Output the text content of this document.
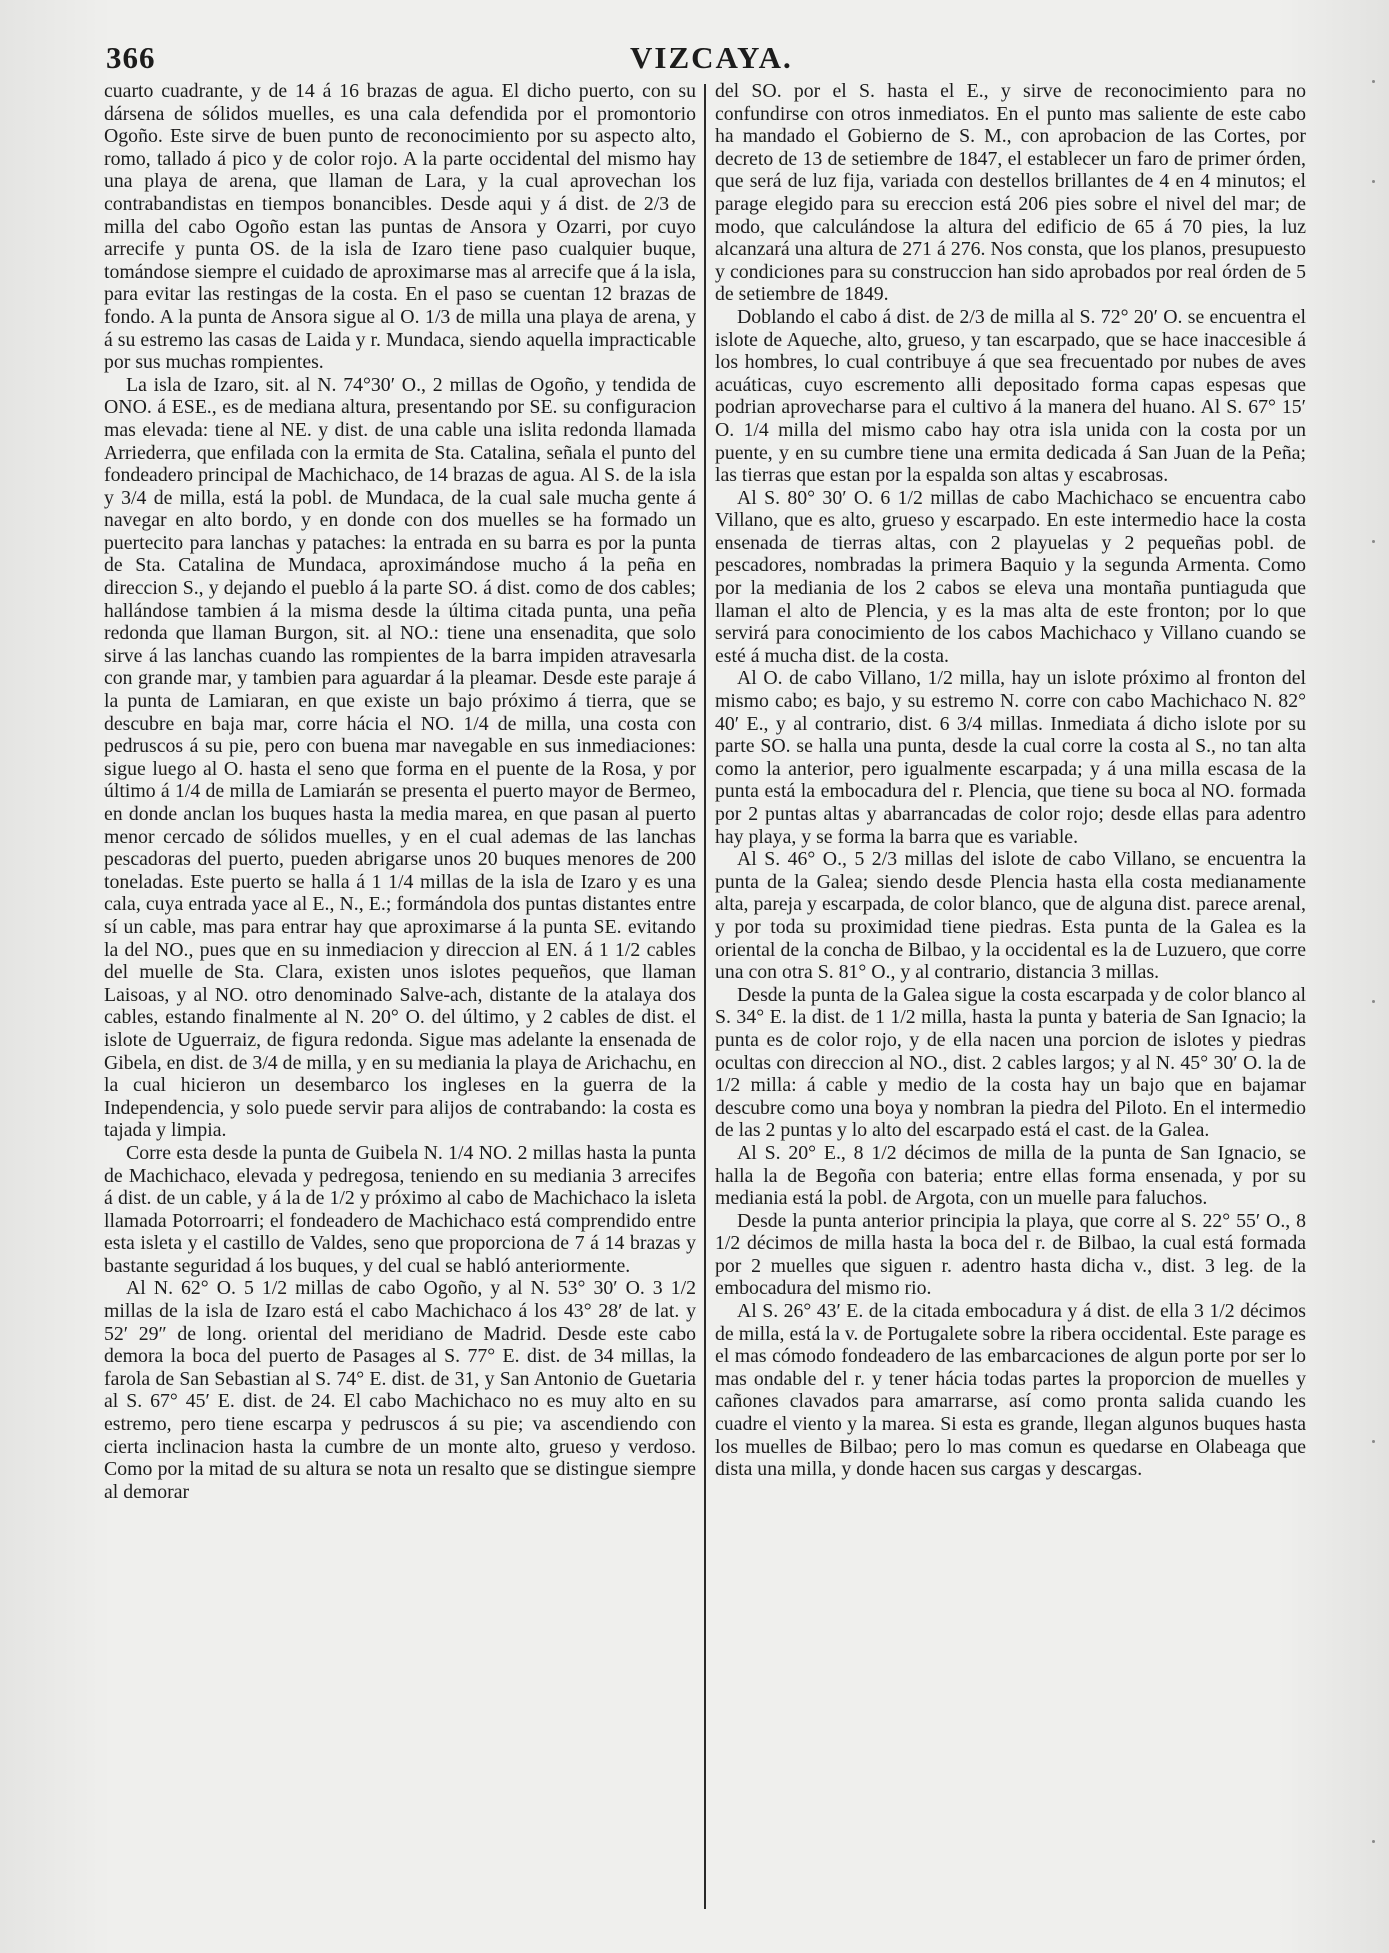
366	VIZCAYA.

cuarto cuadrante, y de 14 á 16 brazas de agua. El dicho puerto, con su dársena de sólidos muelles, es una cala defendida por el promontorio Ogoño. Este sirve de buen punto de reconocimiento por su aspecto alto, romo, tallado á pico y de color rojo. A la parte occidental del mismo hay una playa de arena, que llaman de Lara, y la cual aprovechan los contrabandistas en tiempos bonancibles. Desde aqui y á dist. de 2/3 de milla del cabo Ogoño estan las puntas de Ansora y Ozarri, por cuyo arrecife y punta OS. de la isla de Izaro tiene paso cualquier buque, tomándose siempre el cuidado de aproximarse mas al arrecife que á la isla, para evitar las restingas de la costa. En el paso se cuentan 12 brazas de fondo. A la punta de Ansora sigue al O. 1/3 de milla una playa de arena, y á su estremo las casas de Laida y r. Mundaca, siendo aquella impracticable por sus muchas rompientes.

La isla de Izaro, sit. al N. 74°30′ O., 2 millas de Ogoño, y tendida de ONO. á ESE., es de mediana altura, presentando por SE. su configuracion mas elevada: tiene al NE. y dist. de una cable una islita redonda llamada Arriederra, que enfilada con la ermita de Sta. Catalina, señala el punto del fondeadero principal de Machichaco, de 14 brazas de agua. Al S. de la isla y 3/4 de milla, está la pobl. de Mundaca, de la cual sale mucha gente á navegar en alto bordo, y en donde con dos muelles se ha formado un puertecito para lanchas y pataches: la entrada en su barra es por la punta de Sta. Catalina de Mundaca, aproximándose mucho á la peña en direccion S., y dejando el pueblo á la parte SO. á dist. como de dos cables; hallándose tambien á la misma desde la última citada punta, una peña redonda que llaman Burgon, sit. al NO.: tiene una ensenadita, que solo sirve á las lanchas cuando las rompientes de la barra impiden atravesarla con grande mar, y tambien para aguardar á la pleamar. Desde este paraje á la punta de Lamiaran, en que existe un bajo próximo á tierra, que se descubre en baja mar, corre hácia el NO. 1/4 de milla, una costa con pedruscos á su pie, pero con buena mar navegable en sus inmediaciones: sigue luego al O. hasta el seno que forma en el puente de la Rosa, y por último á 1/4 de milla de Lamiarán se presenta el puerto mayor de Bermeo, en donde anclan los buques hasta la media marea, en que pasan al puerto menor cercado de sólidos muelles, y en el cual ademas de las lanchas pescadoras del puerto, pueden abrigarse unos 20 buques menores de 200 toneladas. Este puerto se halla á 1 1/4 millas de la isla de Izaro y es una cala, cuya entrada yace al E., N., E.; formándola dos puntas distantes entre sí un cable, mas para entrar hay que aproximarse á la punta SE. evitando la del NO., pues que en su inmediacion y direccion al EN. á 1 1/2 cables del muelle de Sta. Clara, existen unos islotes pequeños, que llaman Laisoas, y al NO. otro denominado Salve-ach, distante de la atalaya dos cables, estando finalmente al N. 20° O. del último, y 2 cables de dist. el islote de Uguerraiz, de figura redonda. Sigue mas adelante la ensenada de Gibela, en dist. de 3/4 de milla, y en su mediania la playa de Arichachu, en la cual hicieron un desembarco los ingleses en la guerra de la Independencia, y solo puede servir para alijos de contrabando: la costa es tajada y limpia.

Corre esta desde la punta de Guibela N. 1/4 NO. 2 millas hasta la punta de Machichaco, elevada y pedregosa, teniendo en su mediania 3 arrecifes á dist. de un cable, y á la de 1/2 y próximo al cabo de Machichaco la isleta llamada Potorroarri; el fondeadero de Machichaco está comprendido entre esta isleta y el castillo de Valdes, seno que proporciona de 7 á 14 brazas y bastante seguridad á los buques, y del cual se habló anteriormente.

Al N. 62° O. 5 1/2 millas de cabo Ogoño, y al N. 53° 30′ O. 3 1/2 millas de la isla de Izaro está el cabo Machichaco á los 43° 28′ de lat. y 52′ 29″ de long. oriental del meridiano de Madrid. Desde este cabo demora la boca del puerto de Pasages al S. 77° E. dist. de 34 millas, la farola de San Sebastian al S. 74° E. dist. de 31, y San Antonio de Guetaria al S. 67° 45′ E. dist. de 24. El cabo Machichaco no es muy alto en su estremo, pero tiene escarpa y pedruscos á su pie; va ascendiendo con cierta inclinacion hasta la cumbre de un monte alto, grueso y verdoso. Como por la mitad de su altura se nota un resalto que se distingue siempre al demorar

del SO. por el S. hasta el E., y sirve de reconocimiento para no confundirse con otros inmediatos. En el punto mas saliente de este cabo ha mandado el Gobierno de S. M., con aprobacion de las Cortes, por decreto de 13 de setiembre de 1847, el establecer un faro de primer órden, que será de luz fija, variada con destellos brillantes de 4 en 4 minutos; el parage elegido para su ereccion está 206 pies sobre el nivel del mar; de modo, que calculándose la altura del edificio de 65 á 70 pies, la luz alcanzará una altura de 271 á 276. Nos consta, que los planos, presupuesto y condiciones para su construccion han sido aprobados por real órden de 5 de setiembre de 1849.

Doblando el cabo á dist. de 2/3 de milla al S. 72° 20′ O. se encuentra el islote de Aqueche, alto, grueso, y tan escarpado, que se hace inaccesible á los hombres, lo cual contribuye á que sea frecuentado por nubes de aves acuáticas, cuyo escremento alli depositado forma capas espesas que podrian aprovecharse para el cultivo á la manera del huano. Al S. 67° 15′ O. 1/4 milla del mismo cabo hay otra isla unida con la costa por un puente, y en su cumbre tiene una ermita dedicada á San Juan de la Peña; las tierras que estan por la espalda son altas y escabrosas.

Al S. 80° 30′ O. 6 1/2 millas de cabo Machichaco se encuentra cabo Villano, que es alto, grueso y escarpado. En este intermedio hace la costa ensenada de tierras altas, con 2 playuelas y 2 pequeñas pobl. de pescadores, nombradas la primera Baquio y la segunda Armenta. Como por la mediania de los 2 cabos se eleva una montaña puntiaguda que llaman el alto de Plencia, y es la mas alta de este fronton; por lo que servirá para conocimiento de los cabos Machichaco y Villano cuando se esté á mucha dist. de la costa.

Al O. de cabo Villano, 1/2 milla, hay un islote próximo al fronton del mismo cabo; es bajo, y su estremo N. corre con cabo Machichaco N. 82° 40′ E., y al contrario, dist. 6 3/4 millas. Inmediata á dicho islote por su parte SO. se halla una punta, desde la cual corre la costa al S., no tan alta como la anterior, pero igualmente escarpada; y á una milla escasa de la punta está la embocadura del r. Plencia, que tiene su boca al NO. formada por 2 puntas altas y abarrancadas de color rojo; desde ellas para adentro hay playa, y se forma la barra que es variable.

Al S. 46° O., 5 2/3 millas del islote de cabo Villano, se encuentra la punta de la Galea; siendo desde Plencia hasta ella costa medianamente alta, pareja y escarpada, de color blanco, que de alguna dist. parece arenal, y por toda su proximidad tiene piedras. Esta punta de la Galea es la oriental de la concha de Bilbao, y la occidental es la de Luzuero, que corre una con otra S. 81° O., y al contrario, distancia 3 millas.

Desde la punta de la Galea sigue la costa escarpada y de color blanco al S. 34° E. la dist. de 1 1/2 milla, hasta la punta y bateria de San Ignacio; la punta es de color rojo, y de ella nacen una porcion de islotes y piedras ocultas con direccion al NO., dist. 2 cables largos; y al N. 45° 30′ O. la de 1/2 milla: á cable y medio de la costa hay un bajo que en bajamar descubre como una boya y nombran la piedra del Piloto. En el intermedio de las 2 puntas y lo alto del escarpado está el cast. de la Galea.

Al S. 20° E., 8 1/2 décimos de milla de la punta de San Ignacio, se halla la de Begoña con bateria; entre ellas forma ensenada, y por su mediania está la pobl. de Argota, con un muelle para faluchos.

Desde la punta anterior principia la playa, que corre al S. 22° 55′ O., 8 1/2 décimos de milla hasta la boca del r. de Bilbao, la cual está formada por 2 muelles que siguen r. adentro hasta dicha v., dist. 3 leg. de la embocadura del mismo rio.

Al S. 26° 43′ E. de la citada embocadura y á dist. de ella 3 1/2 décimos de milla, está la v. de Portugalete sobre la ribera occidental. Este parage es el mas cómodo fondeadero de las embarcaciones de algun porte por ser lo mas ondable del r. y tener hácia todas partes la proporcion de muelles y cañones clavados para amarrarse, así como pronta salida cuando les cuadre el viento y la marea. Si esta es grande, llegan algunos buques hasta los muelles de Bilbao; pero lo mas comun es quedarse en Olabeaga que dista una milla, y donde hacen sus cargas y descargas.
